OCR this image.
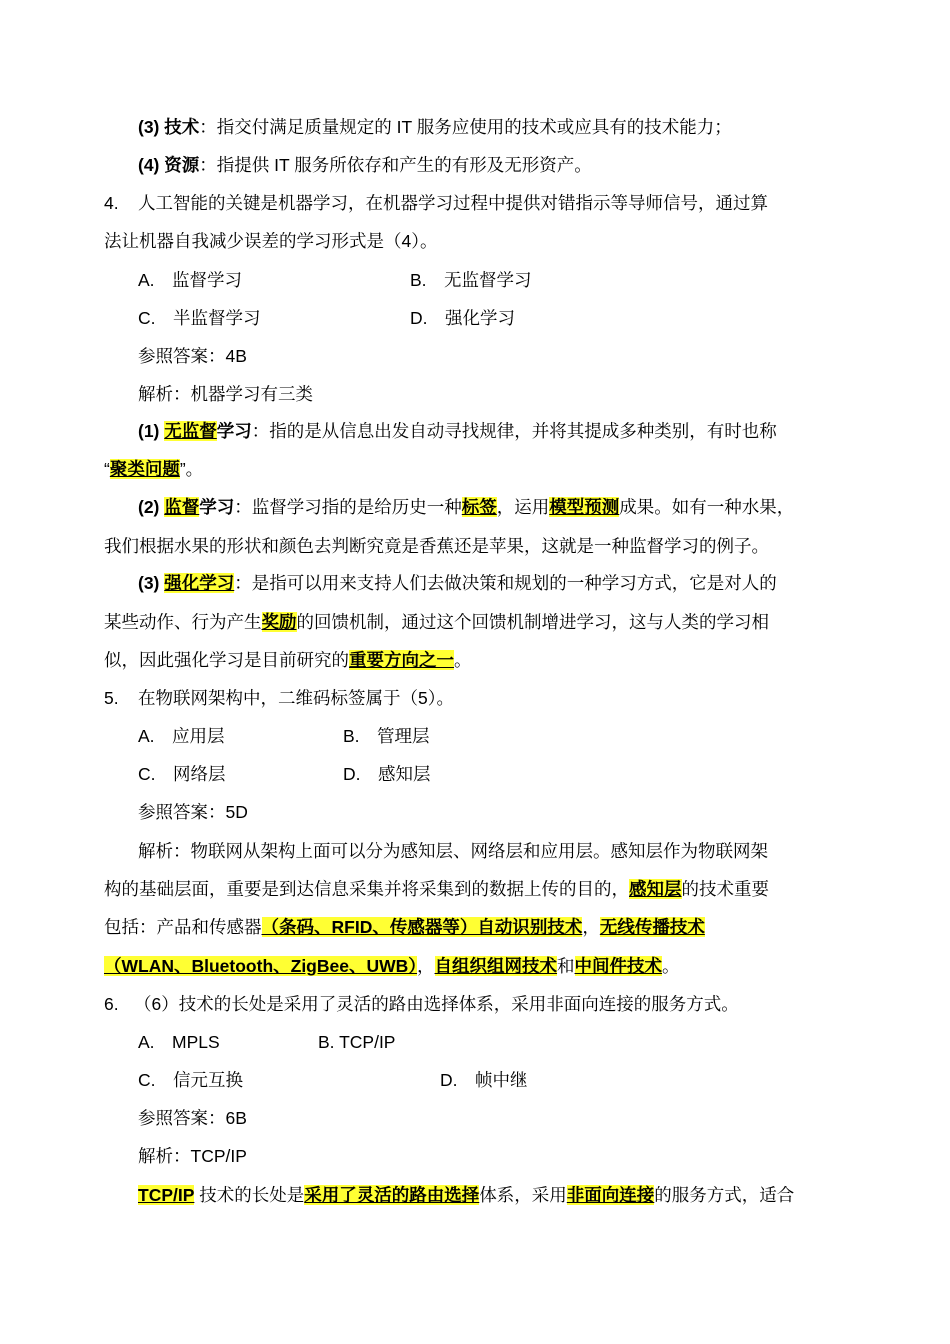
(3) 技术：指交付满足质量规定的 IT 服务应使用的技术或应具有的技术能力；
(4) 资源：指提供 IT 服务所依存和产生的有形及无形资产。
4. 人工智能的关键是机器学习，在机器学习过程中提供对错指示等导师信号，通过算
法让机器自我减少误差的学习形式是（4）。
A.　监督学习	B.　无监督学习
C.　半监督学习	D.　强化学习
参照答案：4B
解析：机器学习有三类
(1) 无监督学习：指的是从信息出发自动寻找规律，并将其提成多种类别，有时也称
“聚类问题”。
(2) 监督学习：监督学习指的是给历史一种标签，运用模型预测成果。如有一种水果，
我们根据水果的形状和颜色去判断究竟是香蕉还是苹果，这就是一种监督学习的例子。
(3) 强化学习：是指可以用来支持人们去做决策和规划的一种学习方式，它是对人的
某些动作、行为产生奖励的回馈机制，通过这个回馈机制增进学习，这与人类的学习相
似，因此强化学习是目前研究的重要方向之一。
5. 在物联网架构中，二维码标签属于（5）。
A.　应用层	B.　管理层
C.　网络层	D.　感知层
参照答案：5D
解析：物联网从架构上面可以分为感知层、网络层和应用层。感知层作为物联网架
构的基础层面，重要是到达信息采集并将采集到的数据上传的目的，感知层的技术重要
包括：产品和传感器（条码、RFID、传感器等）自动识别技术，无线传播技术
（WLAN、Bluetooth、ZigBee、UWB），自组织组网技术和中间件技术。
6. （6）技术的长处是采用了灵活的路由选择体系，采用非面向连接的服务方式。
A.　MPLS	B. TCP/IP
C.　信元互换	D.　帧中继
参照答案：6B
解析：TCP/IP
TCP/IP 技术的长处是采用了灵活的路由选择体系，采用非面向连接的服务方式，适合
